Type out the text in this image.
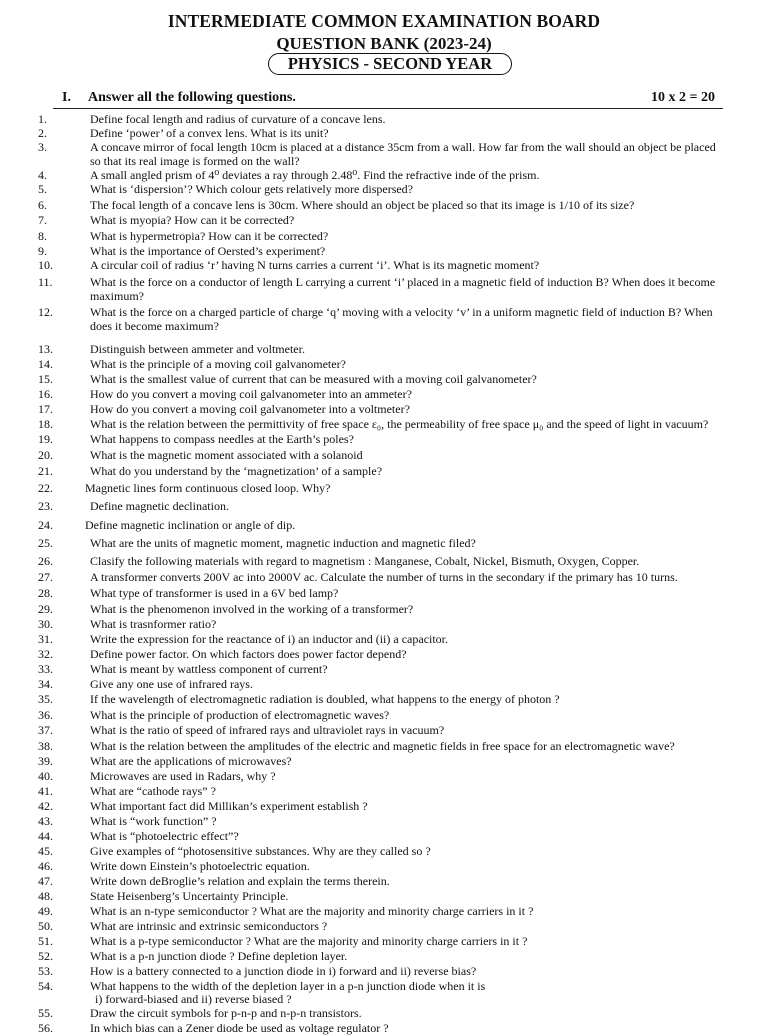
INTERMEDIATE COMMON EXAMINATION BOARD
QUESTION BANK (2023-24)
PHYSICS - SECOND YEAR
I. Answer all the following questions.	10 x 2 = 20
1.	Define focal length and radius of curvature of a concave lens.
2.	Define ‘power’ of a convex lens. What is its unit?
3.	A concave mirror of focal length 10cm is placed at a distance 35cm from a wall. How far from the wall should an object be placed so that its real image is formed on the wall?
4.	A small angled prism of 4⁰ deviates a ray through 2.48⁰. Find the refractive inde of the prism.
5.	What is ‘dispersion’? Which colour gets relatively more dispersed?
6.	The focal length of a concave lens is 30cm. Where should an object be placed so that its image is 1/10 of its size?
7.	What is myopia? How can it be corrected?
8.	What is hypermetropia? How can it be corrected?
9.	What is the importance of Oersted’s experiment?
10.	A circular coil of radius ‘r’ having N turns carries a current ‘i’. What is its magnetic moment?
11.	What is the force on a conductor of length L carrying a current ‘i’ placed in a magnetic field of induction B? When does it become maximum?
12.	What is the force on a charged particle of charge ‘q’ moving with a velocity ‘v’ in a uniform magnetic field of induction B? When does it become maximum?
13.	Distinguish between ammeter and voltmeter.
14.	What is the principle of a moving coil galvanometer?
15.	What is the smallest value of current that can be measured with a moving coil galvanometer?
16.	How do you convert a moving coil galvanometer into an ammeter?
17.	How do you convert a moving coil galvanometer into a voltmeter?
18.	What is the relation between the permittivity of free space ε₀, the permeability of free space μ₀ and the speed of light in vacuum?
19.	What happens to compass needles at the Earth’s poles?
20.	What is the magnetic moment associated with a solanoid
21.	What do you understand by the ‘magnetization’ of a sample?
22.	Magnetic lines form continuous closed loop. Why?
23.	Define magnetic declination.
24.	Define magnetic inclination or angle of dip.
25.	What are the units of magnetic moment, magnetic induction and magnetic filed?
26.	Clasify the following materials with regard to magnetism : Manganese, Cobalt, Nickel, Bismuth, Oxygen, Copper.
27.	A transformer converts 200V ac into 2000V ac. Calculate the number of turns in the secondary if the primary has 10 turns.
28.	What type of transformer is used in a 6V bed lamp?
29.	What is the phenomenon involved in the working of a transformer?
30.	What is trasnformer ratio?
31.	Write the expression for the reactance of i) an inductor and (ii) a capacitor.
32.	Define power factor. On which factors does power factor depend?
33.	What is meant by wattless component of current?
34.	Give any one use of infrared rays.
35.	If the wavelength of electromagnetic radiation is doubled, what happens to the energy of photon ?
36.	What is the principle of production of electromagnetic waves?
37.	What is the ratio of speed of infrared rays and ultraviolet rays in vacuum?
38.	What is the relation between the amplitudes of the electric and magnetic fields in free space for an electromagnetic wave?
39.	What are the applications of microwaves?
40.	Microwaves are used in Radars, why ?
41.	What are “cathode rays” ?
42.	What important fact did Millikan’s experiment establish ?
43.	What is “work function” ?
44.	What is “photoelectric effect”?
45.	Give examples of “photosensitive substances. Why are they called so ?
46.	Write down Einstein’s photoelectric equation.
47.	Write down deBroglie’s relation and explain the terms therein.
48.	State Heisenberg’s Uncertainty Principle.
49.	What is an n-type semiconductor ? What are the majority and minority charge carriers in it ?
50.	What are intrinsic and extrinsic semiconductors ?
51.	What is a p-type semiconductor ? What are the majority and minority charge carriers in it ?
52.	What is a p-n junction diode ? Define depletion layer.
53.	How is a battery connected to a junction diode in i) forward and ii) reverse bias?
54.	What happens to the width of the depletion layer in a p-n junction diode when it is
i) forward-biased and ii) reverse biased ?
55.	Draw the circuit symbols for p-n-p and n-p-n transistors.
56.	In which bias can a Zener diode be used as voltage regulator ?
